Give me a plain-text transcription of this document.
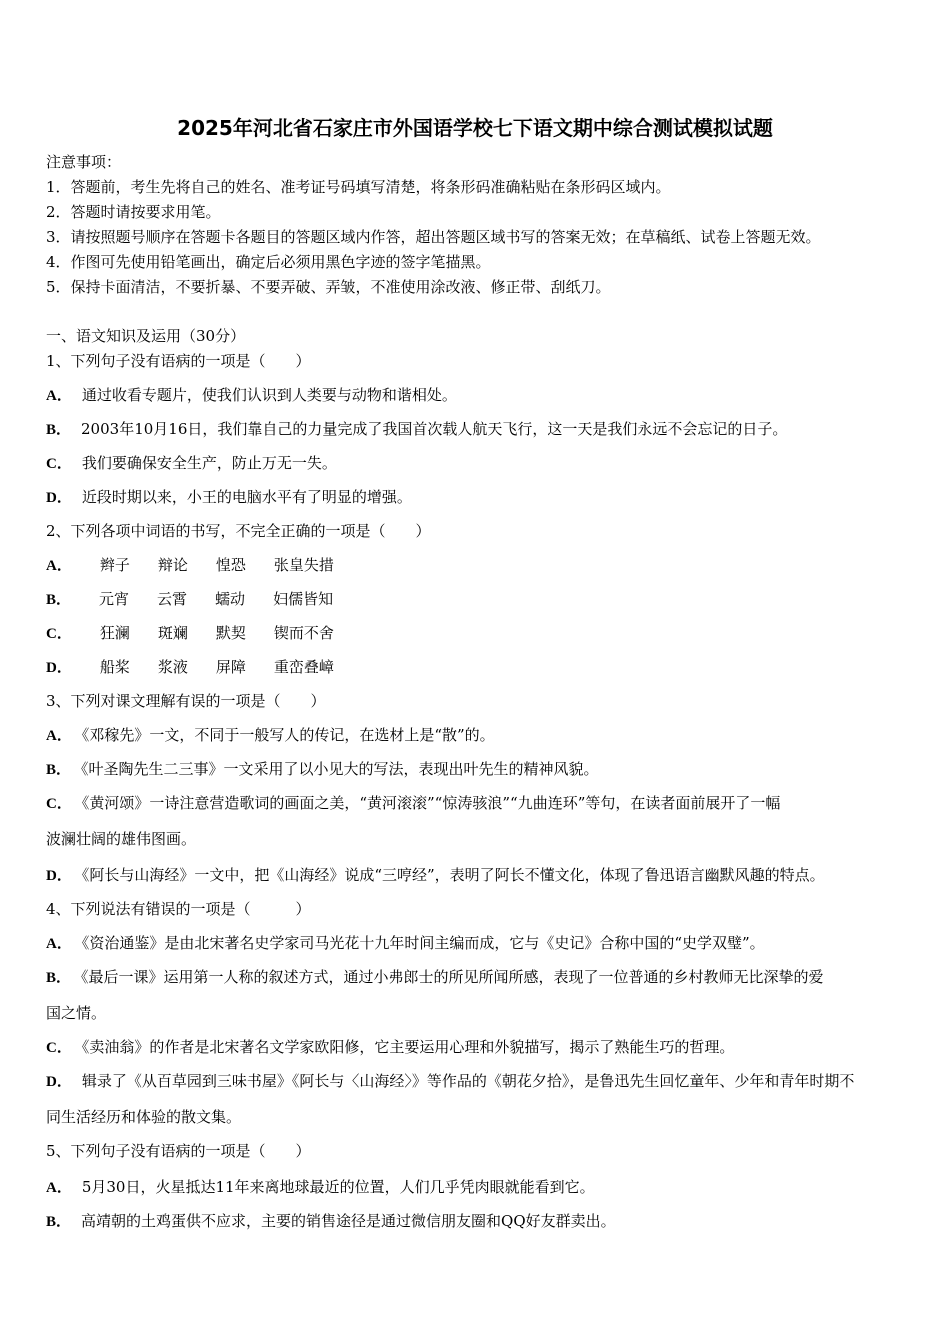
2025年河北省石家庄市外国语学校七下语文期中综合测试模拟试题
注意事项：
1．答题前，考生先将自己的姓名、准考证号码填写清楚，将条形码准确粘贴在条形码区域内。
2．答题时请按要求用笔。
3．请按照题号顺序在答题卡各题目的答题区域内作答，超出答题区域书写的答案无效；在草稿纸、试卷上答题无效。
4．作图可先使用铅笔画出，确定后必须用黑色字迹的签字笔描黑。
5．保持卡面清洁，不要折暴、不要弄破、弄皱，不准使用涂改液、修正带、刮纸刀。
一、语文知识及运用（30分）
1、下列句子没有语病的一项是（　　）
A． 通过收看专题片，使我们认识到人类要与动物和谐相处。
B． 2003年10月16日，我们靠自己的力量完成了我国首次载人航天飞行，这一天是我们永远不会忘记的日子。
C． 我们要确保安全生产，防止万无一失。
D． 近段时期以来，小王的电脑水平有了明显的增强。
2、下列各项中词语的书写，不完全正确的一项是（　　）
A． 辫子 辩论 惶恐 张皇失措
B． 元宵 云霄 蠕动 妇儒皆知
C． 狂澜 斑斓 默契 锲而不舍
D． 船桨 浆液 屏障 重峦叠嶂
3、下列对课文理解有误的一项是（　　）
A． 《邓稼先》一文，不同于一般写人的传记，在选材上是“散”的。
B． 《叶圣陶先生二三事》一文采用了以小见大的写法，表现出叶先生的精神风貌。
C． 《黄河颂》一诗注意营造歌词的画面之美，“黄河滚滚”“惊涛骇浪”“九曲连环”等句，在读者面前展开了一幅
波澜壮阔的雄伟图画。
D． 《阿长与山海经》一文中，把《山海经》说成“三哼经”，表明了阿长不懂文化，体现了鲁迅语言幽默风趣的特点。
4、下列说法有错误的一项是（　　　）
A． 《资治通鉴》是由北宋著名史学家司马光花十九年时间主编而成，它与《史记》合称中国的“史学双璧”。
B． 《最后一课》运用第一人称的叙述方式，通过小弗郎士的所见所闻所感，表现了一位普通的乡村教师无比深挚的爱
国之情。
C． 《卖油翁》的作者是北宋著名文学家欧阳修，它主要运用心理和外貌描写，揭示了熟能生巧的哲理。
D． 辑录了《从百草园到三味书屋》《阿长与〈山海经〉》等作品的《朝花夕拾》，是鲁迅先生回忆童年、少年和青年时期不
同生活经历和体验的散文集。
5、下列句子没有语病的一项是（　　）
A． 5月30日，火星抵达11年来离地球最近的位置，人们几乎凭肉眼就能看到它。
B． 高靖朝的土鸡蛋供不应求，主要的销售途径是通过微信朋友圈和QQ好友群卖出。
